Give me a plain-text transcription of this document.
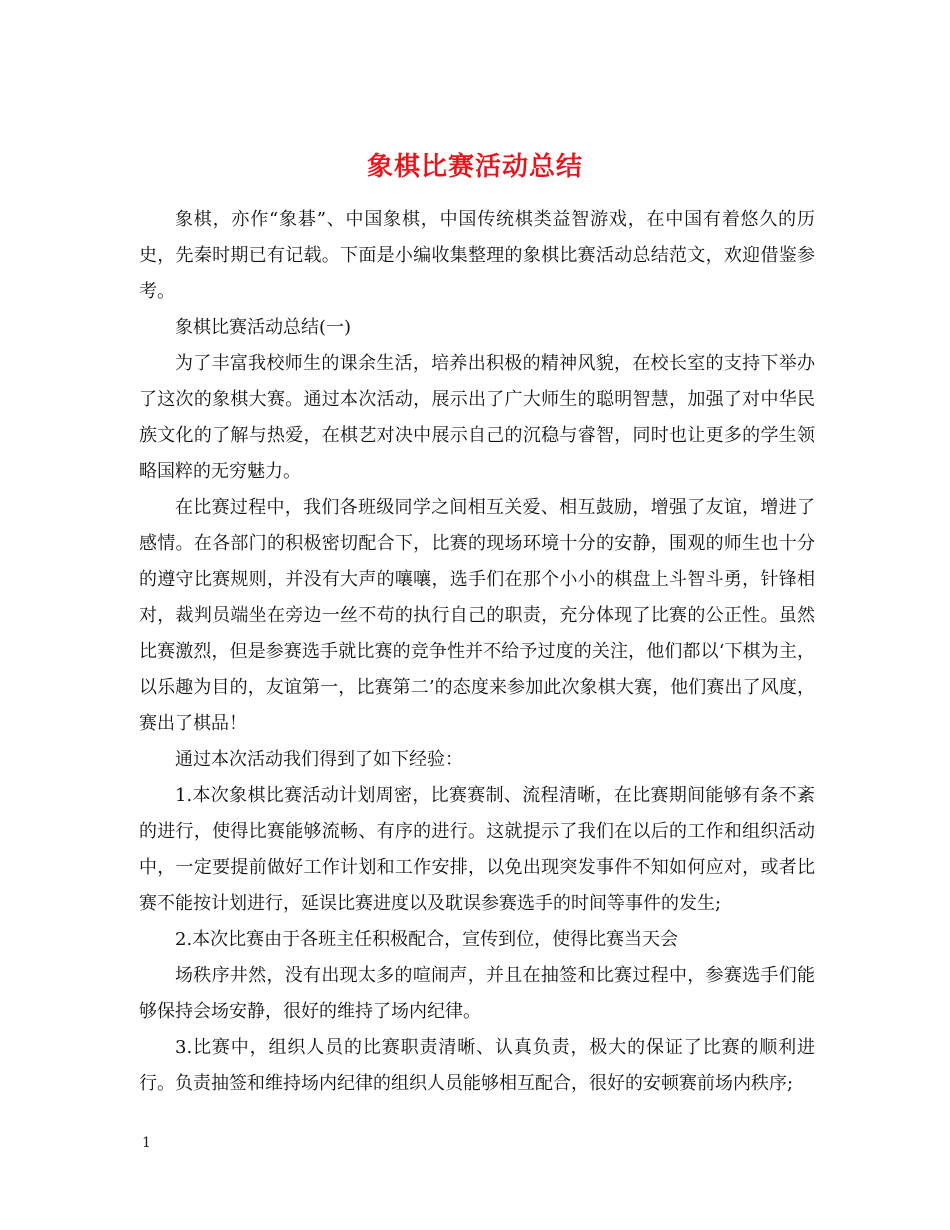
象棋比赛活动总结

象棋，亦作“象碁”、中国象棋，中国传统棋类益智游戏，在中国有着悠久的历史，先秦时期已有记载。下面是小编收集整理的象棋比赛活动总结范文，欢迎借鉴参考。

象棋比赛活动总结(一)

为了丰富我校师生的课余生活，培养出积极的精神风貌，在校长室的支持下举办了这次的象棋大赛。通过本次活动，展示出了广大师生的聪明智慧，加强了对中华民族文化的了解与热爱，在棋艺对决中展示自己的沉稳与睿智，同时也让更多的学生领略国粹的无穷魅力。

在比赛过程中，我们各班级同学之间相互关爱、相互鼓励，增强了友谊，增进了感情。在各部门的积极密切配合下，比赛的现场环境十分的安静，围观的师生也十分的遵守比赛规则，并没有大声的嚷嚷，选手们在那个小小的棋盘上斗智斗勇，针锋相对，裁判员端坐在旁边一丝不苟的执行自己的职责，充分体现了比赛的公正性。虽然比赛激烈，但是参赛选手就比赛的竞争性并不给予过度的关注，他们都以‘下棋为主，以乐趣为目的，友谊第一，比赛第二’的态度来参加此次象棋大赛，他们赛出了风度，赛出了棋品！

通过本次活动我们得到了如下经验：

1.本次象棋比赛活动计划周密，比赛赛制、流程清晰，在比赛期间能够有条不紊的进行，使得比赛能够流畅、有序的进行。这就提示了我们在以后的工作和组织活动中，一定要提前做好工作计划和工作安排，以免出现突发事件不知如何应对，或者比赛不能按计划进行，延误比赛进度以及耽误参赛选手的时间等事件的发生;

2.本次比赛由于各班主任积极配合，宣传到位，使得比赛当天会

场秩序井然，没有出现太多的喧闹声，并且在抽签和比赛过程中，参赛选手们能够保持会场安静，很好的维持了场内纪律。

3.比赛中，组织人员的比赛职责清晰、认真负责，极大的保证了比赛的顺利进行。负责抽签和维持场内纪律的组织人员能够相互配合，很好的安顿赛前场内秩序;

1
